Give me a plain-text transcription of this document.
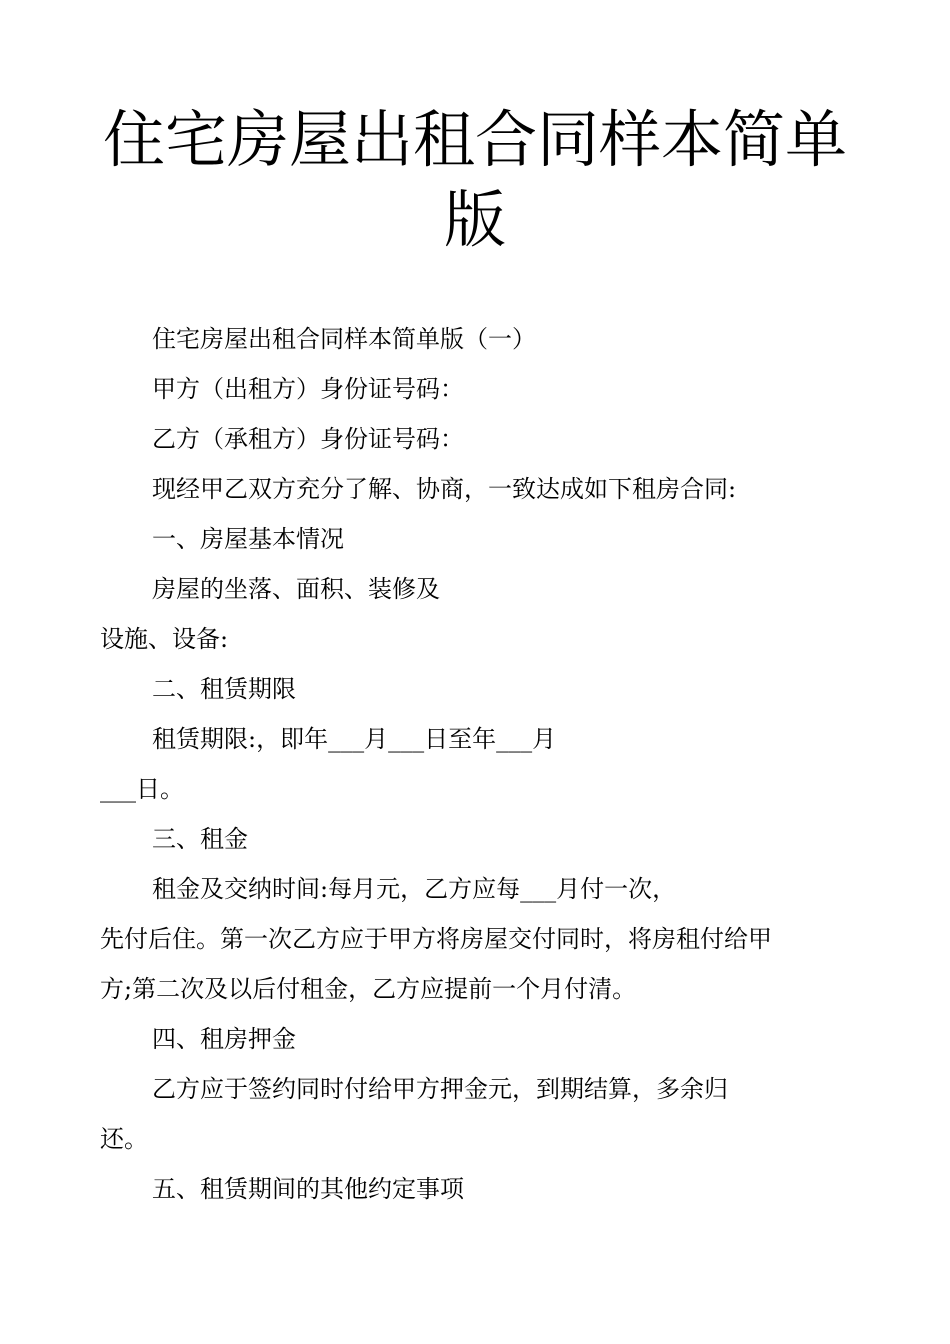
住宅房屋出租合同样本简单
版
住宅房屋出租合同样本简单版（一）
甲方（出租方）身份证号码：
乙方（承租方）身份证号码：
现经甲乙双方充分了解、协商，一致达成如下租房合同:
一、房屋基本情况
房屋的坐落、面积、装修及
设施、设备:
二、租赁期限
租赁期限:，即年___月___日至年___月
___日。
三、租金
租金及交纳时间:每月元，乙方应每___月付一次，
先付后住。第一次乙方应于甲方将房屋交付同时，将房租付给甲
方;第二次及以后付租金，乙方应提前一个月付清。
四、租房押金
乙方应于签约同时付给甲方押金元，到期结算，多余归
还。
五、租赁期间的其他约定事项
